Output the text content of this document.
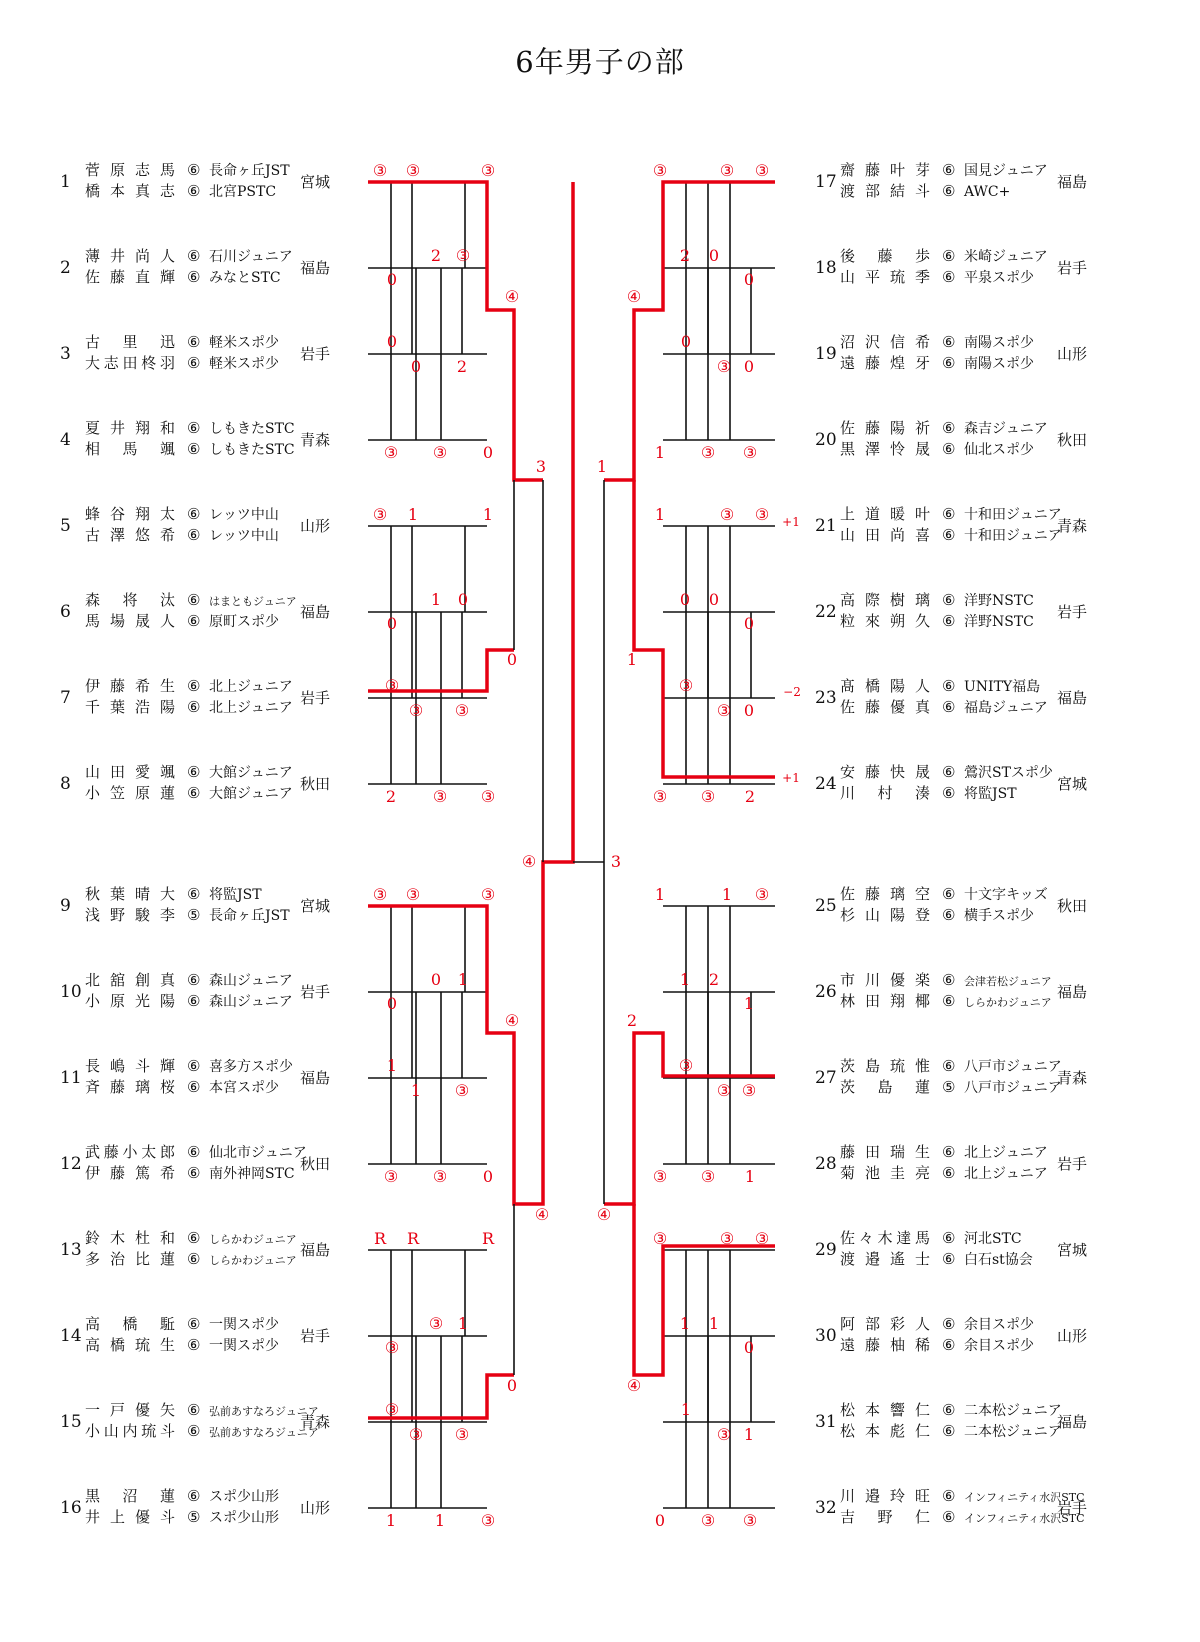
6年男子の部
③ ③	③
0
2 ③
0
0 2
③ ③ 0
③ 1	1
0
1 0
③
③ ③
2 ③ ③
③ ③	③
0
0 1
1
1 ③
③ ③ 0
R R	R
③
③ 1
③
③ ③
1 1 ③
③	③ ③
2 0
0
0
③ 0
1 ③ ③
1	③ ③
0 0
0
③
③ 0
③ ③ 2
1	1 ③
1 2
1
③
③ ③
③ ③ 1
③	③ ③
1 1
0
1
③ 1
0 ③ ③
④
3
0
④
④
0
④
1
1
2
④
④
④	3
+1
−2
+1
1
菅原志馬 ⑥ 長命ヶ丘JST
橋本真志 ⑥ 北宮PSTC
宮城
2
薄井尚人 ⑥ 石川ジュニア
佐藤直輝 ⑥ みなとSTC
福島
3
古里迅 ⑥ 軽米スポ少
大志田柊羽 ⑥ 軽米スポ少
岩手
4
夏井翔和 ⑥ しもきたSTC
相馬颯 ⑥ しもきたSTC
青森
5
蜂谷翔太 ⑥ レッツ中山
古澤悠希 ⑥ レッツ中山
山形
6
森将汰 ⑥ はまともジュニア
馬場晟人 ⑥ 原町スポ少
福島
7
伊藤希生 ⑥ 北上ジュニア
千葉浩陽 ⑥ 北上ジュニア
岩手
8
山田愛颯 ⑥ 大館ジュニア
小笠原蓮 ⑥ 大館ジュニア
秋田
9
秋葉晴大 ⑥ 将監JST
浅野駿李 ⑤ 長命ヶ丘JST
宮城
10
北舘創真 ⑥ 森山ジュニア
小原光陽 ⑥ 森山ジュニア
岩手
11
長嶋斗輝 ⑥ 喜多方スポ少
斉藤璃桜 ⑥ 本宮スポ少
福島
12
武藤小太郎 ⑥ 仙北市ジュニア
伊藤篤希 ⑥ 南外神岡STC
秋田
13
鈴木杜和 ⑥ しらかわジュニア
多治比蓮 ⑥ しらかわジュニア
福島
14
高橋駈 ⑥ 一関スポ少
高橋琉生 ⑥ 一関スポ少
岩手
15
一戸優矢 ⑥ 弘前あすなろジュニア
小山内琉斗 ⑥ 弘前あすなろジュニア
青森
16
黒沼蓮 ⑥ スポ少山形
井上優斗 ⑤ スポ少山形
山形
17
齋藤叶芽 ⑥ 国見ジュニア
渡部結斗 ⑥ AWC+
福島
18
後藤歩 ⑥ 米崎ジュニア
山平琉季 ⑥ 平泉スポ少
岩手
19
沼沢信希 ⑥ 南陽スポ少
遠藤煌牙 ⑥ 南陽スポ少
山形
20
佐藤陽祈 ⑥ 森吉ジュニア
黒澤怜晟 ⑥ 仙北スポ少
秋田
21
上道暖叶 ⑥ 十和田ジュニア
山田尚喜 ⑥ 十和田ジュニア
青森
22
高際樹璃 ⑥ 洋野NSTC
粒來朔久 ⑥ 洋野NSTC
岩手
23
髙橋陽人 ⑥ UNITY福島
佐藤優真 ⑥ 福島ジュニア
福島
24
安藤快晟 ⑥ 鶯沢STスポ少
川村湊 ⑥ 将監JST
宮城
25
佐藤璃空 ⑥ 十文字キッズ
杉山陽登 ⑥ 横手スポ少
秋田
26
市川優楽 ⑥ 会津若松ジュニア
林田翔椰 ⑥ しらかわジュニア
福島
27
茨島琉惟 ⑥ 八戸市ジュニア
茨島蓮 ⑤ 八戸市ジュニア
青森
28
藤田瑞生 ⑥ 北上ジュニア
菊池圭亮 ⑥ 北上ジュニア
岩手
29
佐々木達馬 ⑥ 河北STC
渡邉遙士 ⑥ 白石st協会
宮城
30
阿部彩人 ⑥ 余目スポ少
遠藤柚稀 ⑥ 余目スポ少
山形
31
松本響仁 ⑥ 二本松ジュニア
松本彪仁 ⑥ 二本松ジュニア
福島
32
川邉玲旺 ⑥ インフィニティ水沢STC
吉野仁 ⑥ インフィニティ水沢STC
岩手
